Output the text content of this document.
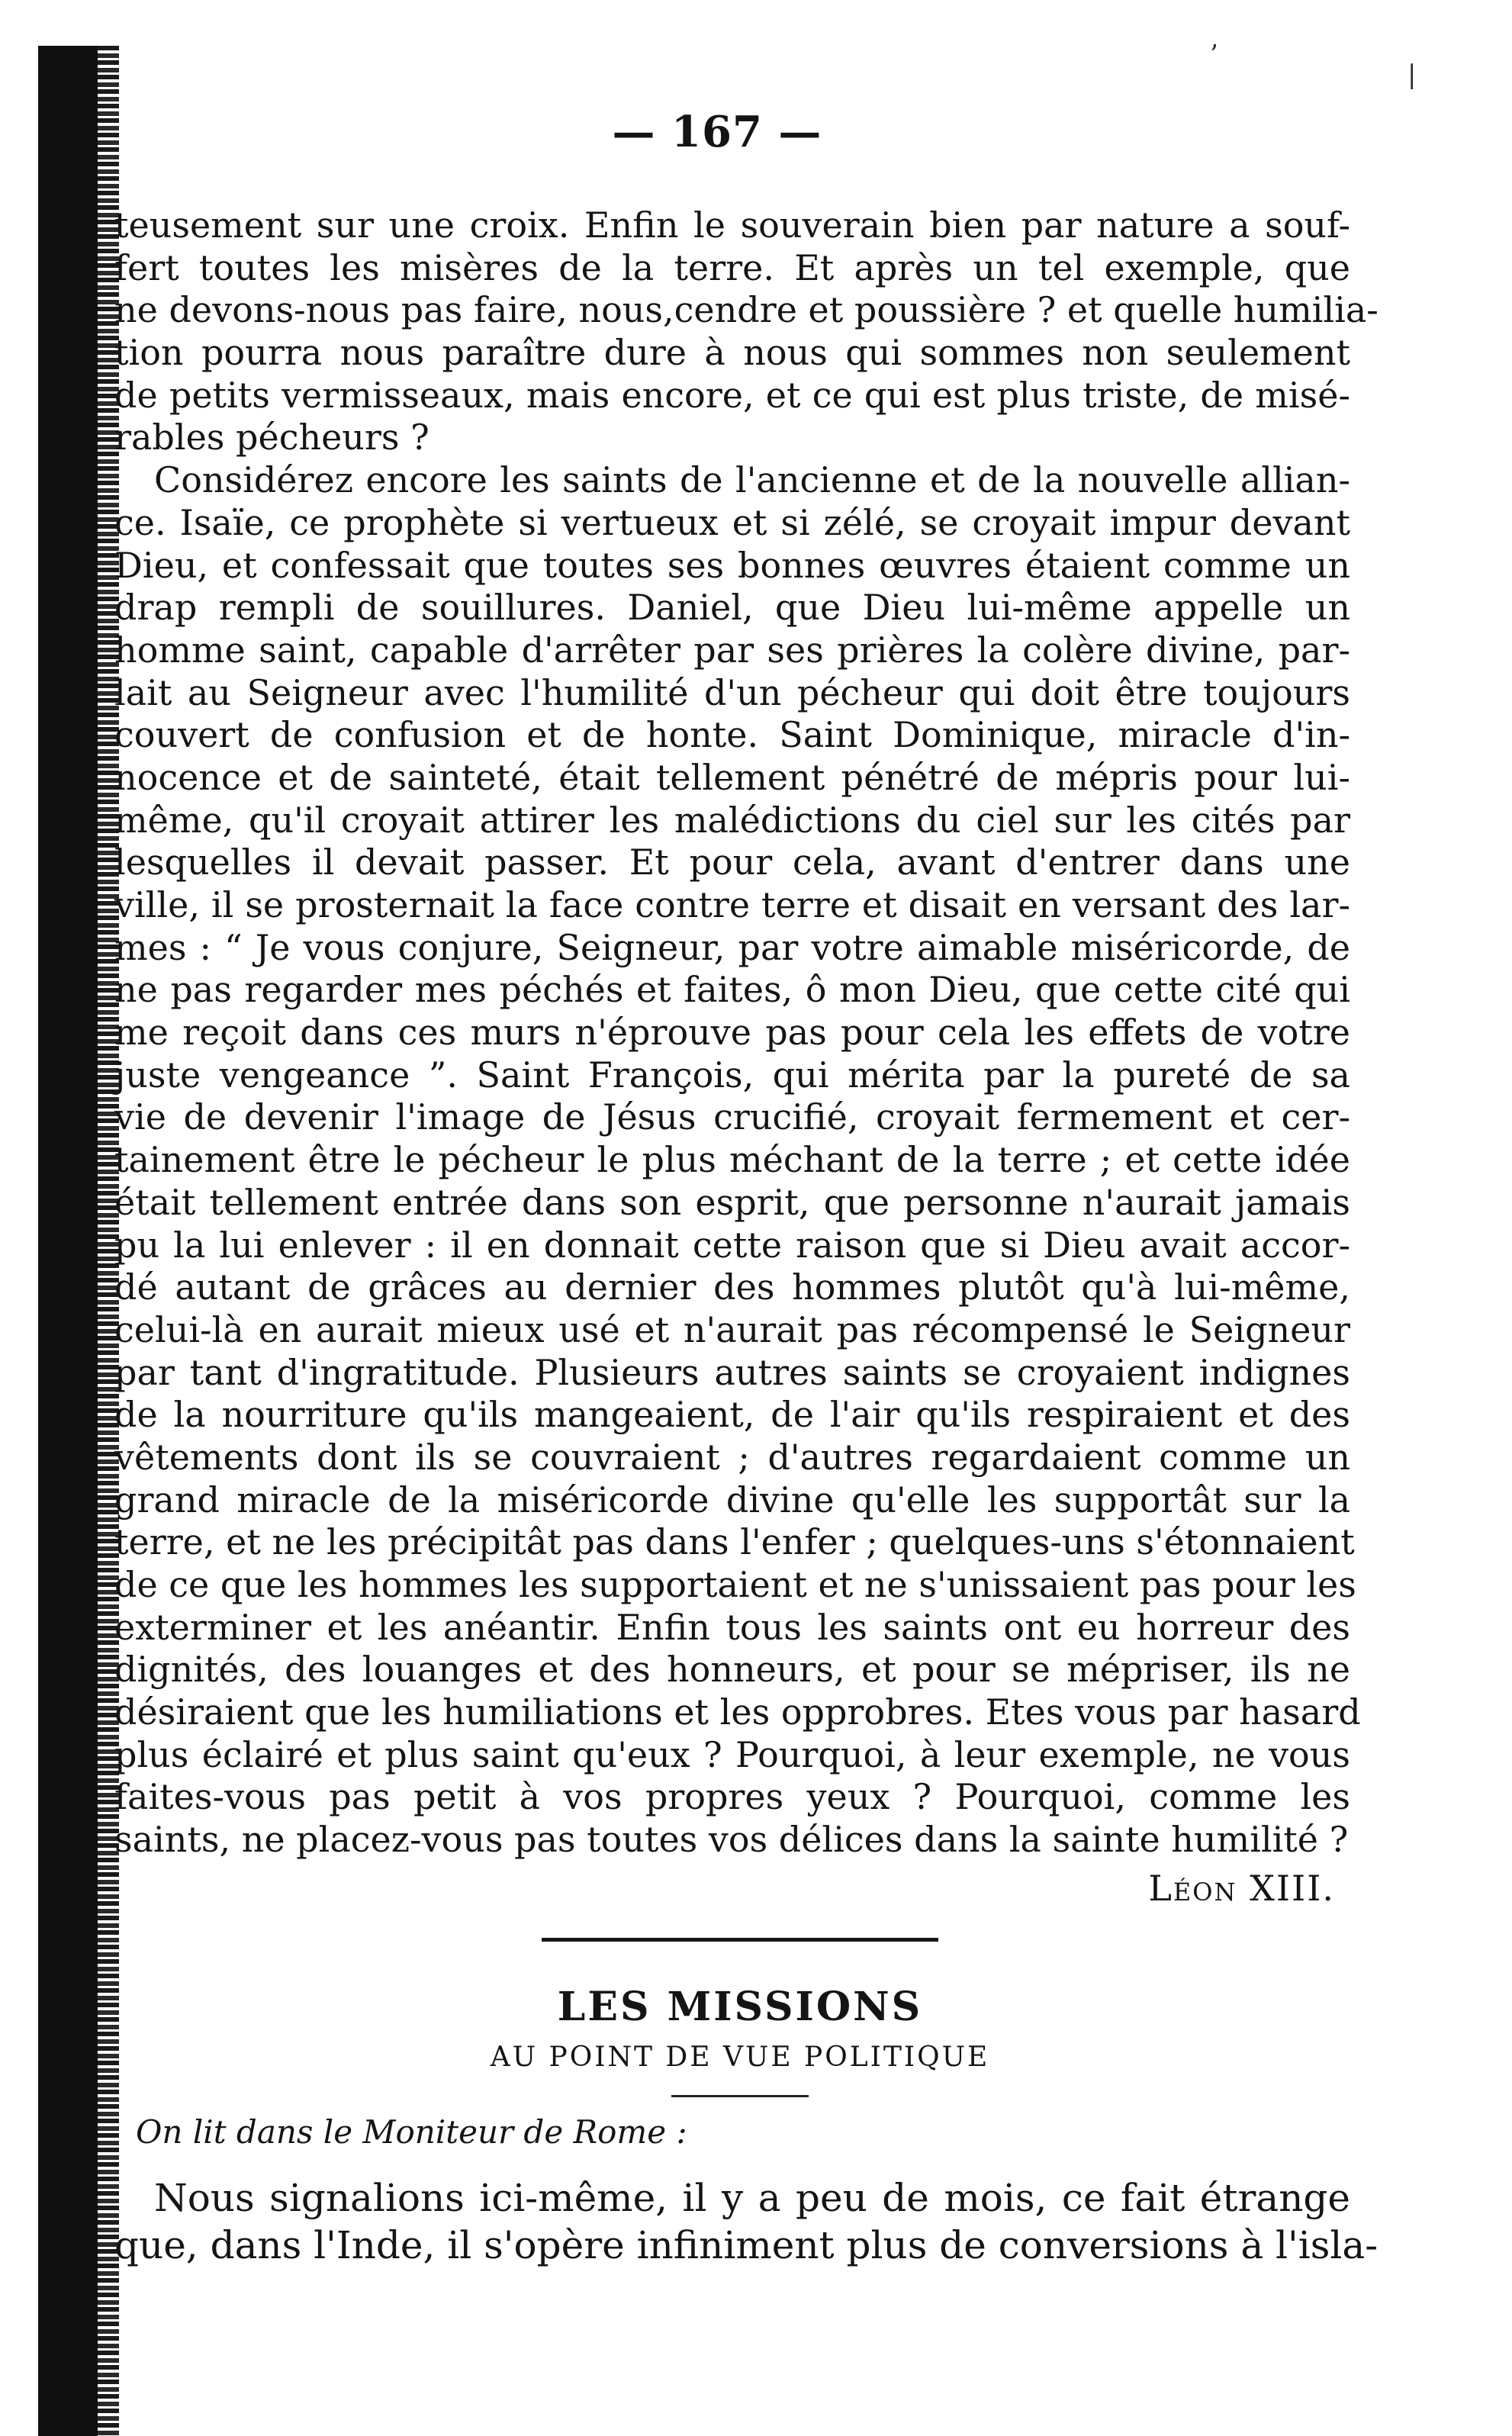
ʼ
|
— 167 —
teusement sur une croix. Enfin le souverain bien par nature a souf-
fert toutes les misères de la terre. Et après un tel exemple, que
ne devons-nous pas faire, nous,cendre et poussière ? et quelle humilia-
tion pourra nous paraître dure à nous qui sommes non seulement
de petits vermisseaux, mais encore, et ce qui est plus triste, de misé-
rables pécheurs ?
Considérez encore les saints de l'ancienne et de la nouvelle allian-
ce. Isaïe, ce prophète si vertueux et si zélé, se croyait impur devant
Dieu, et confessait que toutes ses bonnes œuvres étaient comme un
drap rempli de souillures. Daniel, que Dieu lui-même appelle un
homme saint, capable d'arrêter par ses prières la colère divine, par-
lait au Seigneur avec l'humilité d'un pécheur qui doit être toujours
couvert de confusion et de honte. Saint Dominique, miracle d'in-
nocence et de sainteté, était tellement pénétré de mépris pour lui-
même, qu'il croyait attirer les malédictions du ciel sur les cités par
lesquelles il devait passer. Et pour cela, avant d'entrer dans une
ville, il se prosternait la face contre terre et disait en versant des lar-
mes : “ Je vous conjure, Seigneur, par votre aimable miséricorde, de
ne pas regarder mes péchés et faites, ô mon Dieu, que cette cité qui
me reçoit dans ces murs n'éprouve pas pour cela les effets de votre
juste vengeance ”. Saint François, qui mérita par la pureté de sa
vie de devenir l'image de Jésus crucifié, croyait fermement et cer-
tainement être le pécheur le plus méchant de la terre ; et cette idée
était tellement entrée dans son esprit, que personne n'aurait jamais
pu la lui enlever : il en donnait cette raison que si Dieu avait accor-
dé autant de grâces au dernier des hommes plutôt qu'à lui-même,
celui-là en aurait mieux usé et n'aurait pas récompensé le Seigneur
par tant d'ingratitude. Plusieurs autres saints se croyaient indignes
de la nourriture qu'ils mangeaient, de l'air qu'ils respiraient et des
vêtements dont ils se couvraient ; d'autres regardaient comme un
grand miracle de la miséricorde divine qu'elle les supportât sur la
terre, et ne les précipitât pas dans l'enfer ; quelques-uns s'étonnaient
de ce que les hommes les supportaient et ne s'unissaient pas pour les
exterminer et les anéantir. Enfin tous les saints ont eu horreur des
dignités, des louanges et des honneurs, et pour se mépriser, ils ne
désiraient que les humiliations et les opprobres. Etes vous par hasard
plus éclairé et plus saint qu'eux ? Pourquoi, à leur exemple, ne vous
faites-vous pas petit à vos propres yeux ? Pourquoi, comme les
saints, ne placez-vous pas toutes vos délices dans la sainte humilité ?
Léon XIII.
LES MISSIONS
AU POINT DE VUE POLITIQUE
On lit dans le Moniteur de Rome :
Nous signalions ici-même, il y a peu de mois, ce fait étrange
que, dans l'Inde, il s'opère infiniment plus de conversions à l'isla-
